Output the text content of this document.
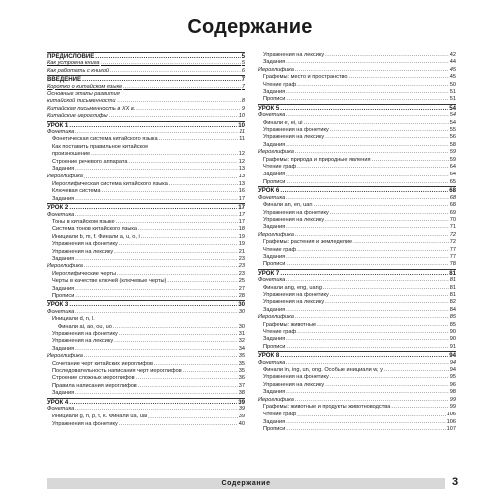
Содержание
ПРЕДИСЛОВИЕ .....	5
Как устроена книга .....	5
Как работать с книгой .....	6
ВВЕДЕНИЕ .....	7
Коротко о китайском языке .....	7
Основные этапы развития
китайской письменности .....	8
Китайская письменность в XX в. .....	9
Китайские иероглифы .....	10
УРОК 1 .....	10
Фонетика .....	11
Фонетическая система китайского языка .....	11
Как поставить правильное китайское
произношение .....	12
Строение речевого аппарата .....	12
Задания .....	13
Иероглифика .....	13
Иероглифическая система китайского языка .....	13
Ключевая система .....	16
Задания .....	17
УРОК 2 .....	17
Фонетика .....	17
Тоны в китайском языке .....	17
Система тонов китайского языка .....	18
Инициали b, m, f. Финали a, u, o, i .....	19
Упражнения на фонетику .....	19
Упражнения на лексику .....	21
Задания .....	23
Иероглифика .....	23
Иероглифические черты .....	23
Черты в качестве ключей (ключевые черты) .....	25
Задания .....	27
Прописи .....	28
УРОК 3 .....	30
Фонетика .....	30
Инициали d, n, l.
Финали ai, ao, ou, uo .....	30
Упражнения на фонетику .....	31
Упражнения на лексику .....	32
Задания .....	34
Иероглифика .....	35
Сочетание черт китайских иероглифов .....	35
Последовательность написания черт иероглифов .....	35
Строение сложных иероглифов .....	36
Правила написания иероглифов .....	37
Задания .....	38
УРОК 4 .....	39
Фонетика .....	39
Инициали g, h, p, t, k. Финали ua, uai .....	39
Упражнения на фонетику .....	40
Упражнения на лексику .....	42
Задания .....	44
Иероглифика .....	45
Графемы: место и пространство .....	45
Чтение граф .....	50
Задания .....	51
Прописи .....	51
УРОК 5 .....	54
Фонетика .....	54
Финали e, ei, ui .....	54
Упражнения на фонетику .....	55
Упражнения на лексику .....	56
Задания .....	58
Иероглифика .....	59
Графемы: природа и природные явления .....	59
Чтение граф .....	64
Задания .....	64
Прописи .....	65
УРОК 6 .....	68
Фонетика .....	68
Финали an, en, uan .....	68
Упражнения на фонетику .....	69
Упражнения на лексику .....	70
Задания .....	71
Иероглифика .....	72
Графемы: растения и земледелие .....	72
Чтение граф .....	77
Задания .....	77
Прописи .....	78
УРОК 7 .....	81
Фонетика .....	81
Финали ang, eng, uang .....	81
Упражнения на фонетику .....	81
Упражнения на лексику .....	82
Задания .....	84
Иероглифика .....	85
Графемы: животные .....	85
Чтение граф .....	90
Задания .....	90
Прописи .....	91
УРОК 8 .....	94
Фонетика .....	94
Финали in, ing, un, ong. Особые инициали w, y .....	94
Упражнения на фонетику .....	95
Упражнения на лексику .....	96
Задания .....	98
Иероглифика .....	99
Графемы: животные и продукты животноводства .....	99
Чтение граф .....	106
Задания .....	106
Прописи .....	107
Содержание	3
